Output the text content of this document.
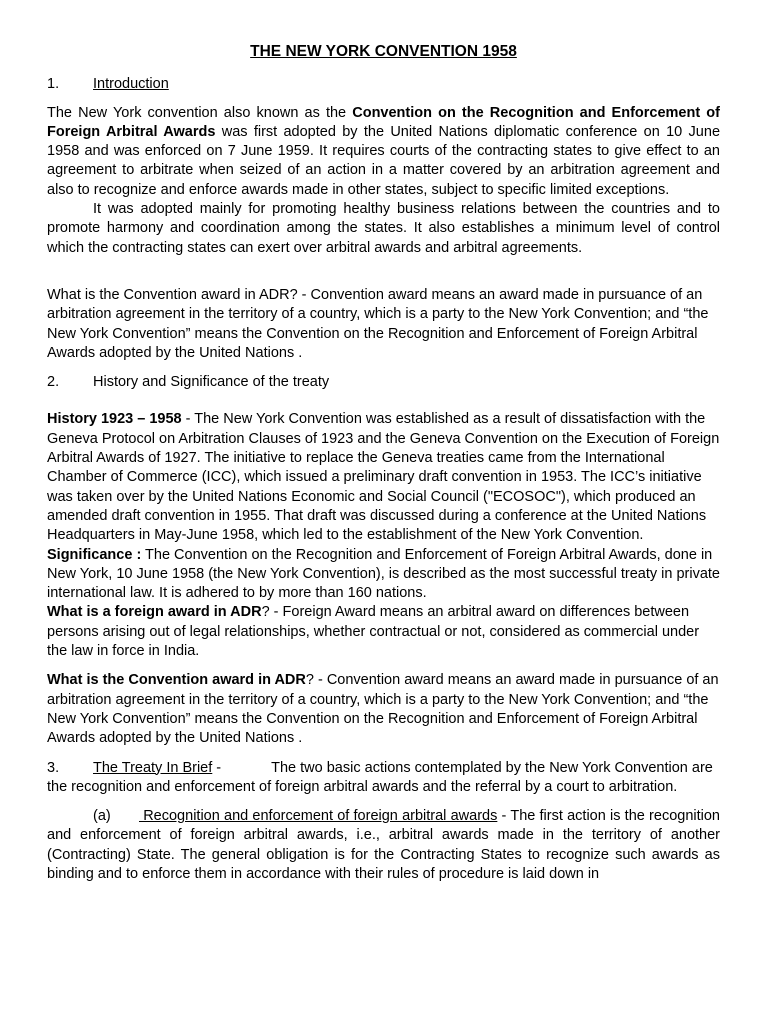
THE NEW YORK CONVENTION 1958

1. Introduction

The New York convention also known as the Convention on the Recognition and Enforcement of Foreign Arbitral Awards was first adopted by the United Nations diplomatic conference on 10 June 1958 and was enforced on 7 June 1959. It requires courts of the contracting states to give effect to an agreement to arbitrate when seized of an action in a matter covered by an arbitration agreement and also to recognize and enforce awards made in other states, subject to specific limited exceptions.

It was adopted mainly for promoting healthy business relations between the countries and to promote harmony and coordination among the states. It also establishes a minimum level of control which the contracting states can exert over arbitral awards and arbitral agreements.

What is the Convention award in ADR? - Convention award means an award made in pursuance of an arbitration agreement in the territory of a country, which is a party to the New York Convention; and “the New York Convention” means the Convention on the Recognition and Enforcement of Foreign Arbitral Awards adopted by the United Nations .

2. History and Significance of the treaty

History 1923 – 1958 - The New York Convention was established as a result of dissatisfaction with the Geneva Protocol on Arbitration Clauses of 1923 and the Geneva Convention on the Execution of Foreign Arbitral Awards of 1927. The initiative to replace the Geneva treaties came from the International Chamber of Commerce (ICC), which issued a preliminary draft convention in 1953. The ICC’s initiative was taken over by the United Nations Economic and Social Council ("ECOSOC"), which produced an amended draft convention in 1955. That draft was discussed during a conference at the United Nations Headquarters in May-June 1958, which led to the establishment of the New York Convention.

Significance : The Convention on the Recognition and Enforcement of Foreign Arbitral Awards, done in New York, 10 June 1958 (the New York Convention), is described as the most successful treaty in private international law. It is adhered to by more than 160 nations.

What is a foreign award in ADR? - Foreign Award means an arbitral award on differences between persons arising out of legal relationships, whether contractual or not, considered as commercial under the law in force in India.

What is the Convention award in ADR? - Convention award means an award made in pursuance of an arbitration agreement in the territory of a country, which is a party to the New York Convention; and “the New York Convention” means the Convention on the Recognition and Enforcement of Foreign Arbitral Awards adopted by the United Nations .

3. The Treaty In Brief -	The two basic actions contemplated by the New York Convention are the recognition and enforcement of foreign arbitral awards and the referral by a court to arbitration.

(a) Recognition and enforcement of foreign arbitral awards - The first action is the recognition and enforcement of foreign arbitral awards, i.e., arbitral awards made in the territory of another (Contracting) State. The general obligation is for the Contracting States to recognize such awards as binding and to enforce them in accordance with their rules of procedure is laid down in
